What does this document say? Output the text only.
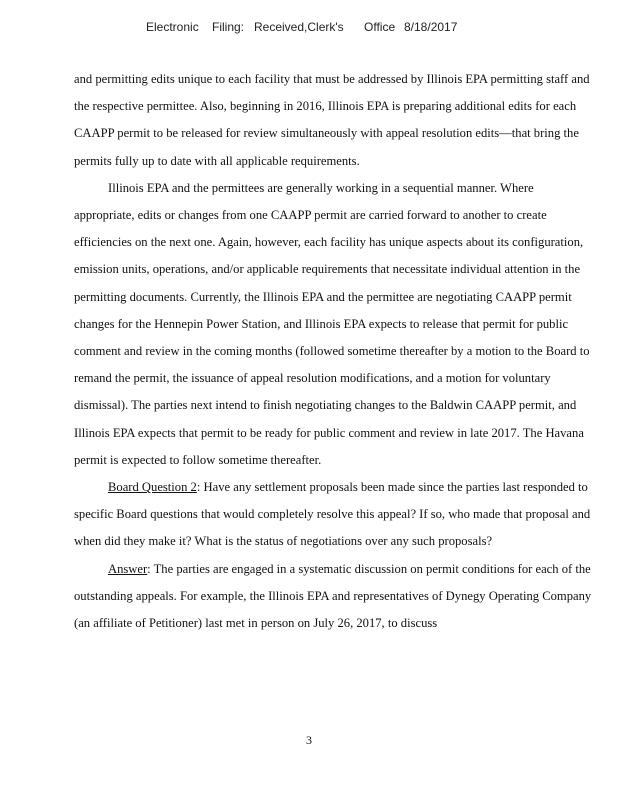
Electronic Filing: Received,Clerk's Office 8/18/2017

and permitting edits unique to each facility that must be addressed by Illinois EPA permitting staff and the respective permittee. Also, beginning in 2016, Illinois EPA is preparing additional edits for each CAAPP permit to be released for review simultaneously with appeal resolution edits—that bring the permits fully up to date with all applicable requirements.

Illinois EPA and the permittees are generally working in a sequential manner. Where appropriate, edits or changes from one CAAPP permit are carried forward to another to create efficiencies on the next one. Again, however, each facility has unique aspects about its configuration, emission units, operations, and/or applicable requirements that necessitate individual attention in the permitting documents. Currently, the Illinois EPA and the permittee are negotiating CAAPP permit changes for the Hennepin Power Station, and Illinois EPA expects to release that permit for public comment and review in the coming months (followed sometime thereafter by a motion to the Board to remand the permit, the issuance of appeal resolution modifications, and a motion for voluntary dismissal). The parties next intend to finish negotiating changes to the Baldwin CAAPP permit, and Illinois EPA expects that permit to be ready for public comment and review in late 2017. The Havana permit is expected to follow sometime thereafter.

Board Question 2: Have any settlement proposals been made since the parties last responded to specific Board questions that would completely resolve this appeal? If so, who made that proposal and when did they make it? What is the status of negotiations over any such proposals?

Answer: The parties are engaged in a systematic discussion on permit conditions for each of the outstanding appeals. For example, the Illinois EPA and representatives of Dynegy Operating Company (an affiliate of Petitioner) last met in person on July 26, 2017, to discuss

3
